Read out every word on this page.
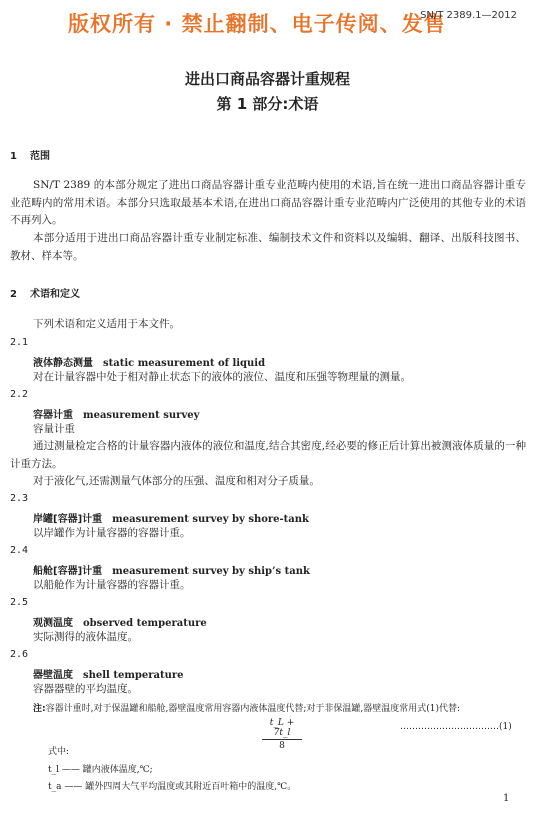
版权所有 · 禁止翻制、电子传阅、发售
SN/T 2389.1—2012
进出口商品容器计重规程
第 1 部分:术语
1 范围

SN/T 2389 的本部分规定了进出口商品容器计重专业范畴内使用的术语,旨在统一进出口商品容器计重专业范畴内的常用术语。本部分只选取最基本术语,在进出口商品容器计重专业范畴内广泛使用的其他专业的术语不再列入。

本部分适用于进出口商品容器计重专业制定标准、编制技术文件和资料以及编辑、翻译、出版科技图书、教材、样本等。

2 术语和定义
下列术语和定义适用于本文件。
2.1
液体静态测量 static measurement of liquid
对在计量容器中处于相对静止状态下的液体的液位、温度和压强等物理量的测量。
2.2
容器计重 measurement survey
容量计重

通过测量检定合格的计量容器内液体的液位和温度,结合其密度,经必要的修正后计算出被测液体质量的一种计重方法。

对于液化气,还需测量气体部分的压强、温度和相对分子质量。
2.3
岸罐[容器]计重 measurement survey by shore-tank
以岸罐作为计量容器的容器计重。
2.4
船舱[容器]计重 measurement survey by ship’s tank
以船舱作为计量容器的容器计重。
2.5
观测温度 observed temperature
实际测得的液体温度。
2.6
器壁温度 shell temperature
容器器壁的平均温度。
注:容器计重时,对于保温罐和船舱,器壁温度常用容器内液体温度代替;对于非保温罐,器壁温度常用式(1)代替:
$\frac{t\_L + 7t\_l}{8}$	……………………………(1)
式中:
t_l —— 罐内液体温度,℃;
t_a —— 罐外四周大气平均温度或其附近百叶箱中的温度,℃。
1
